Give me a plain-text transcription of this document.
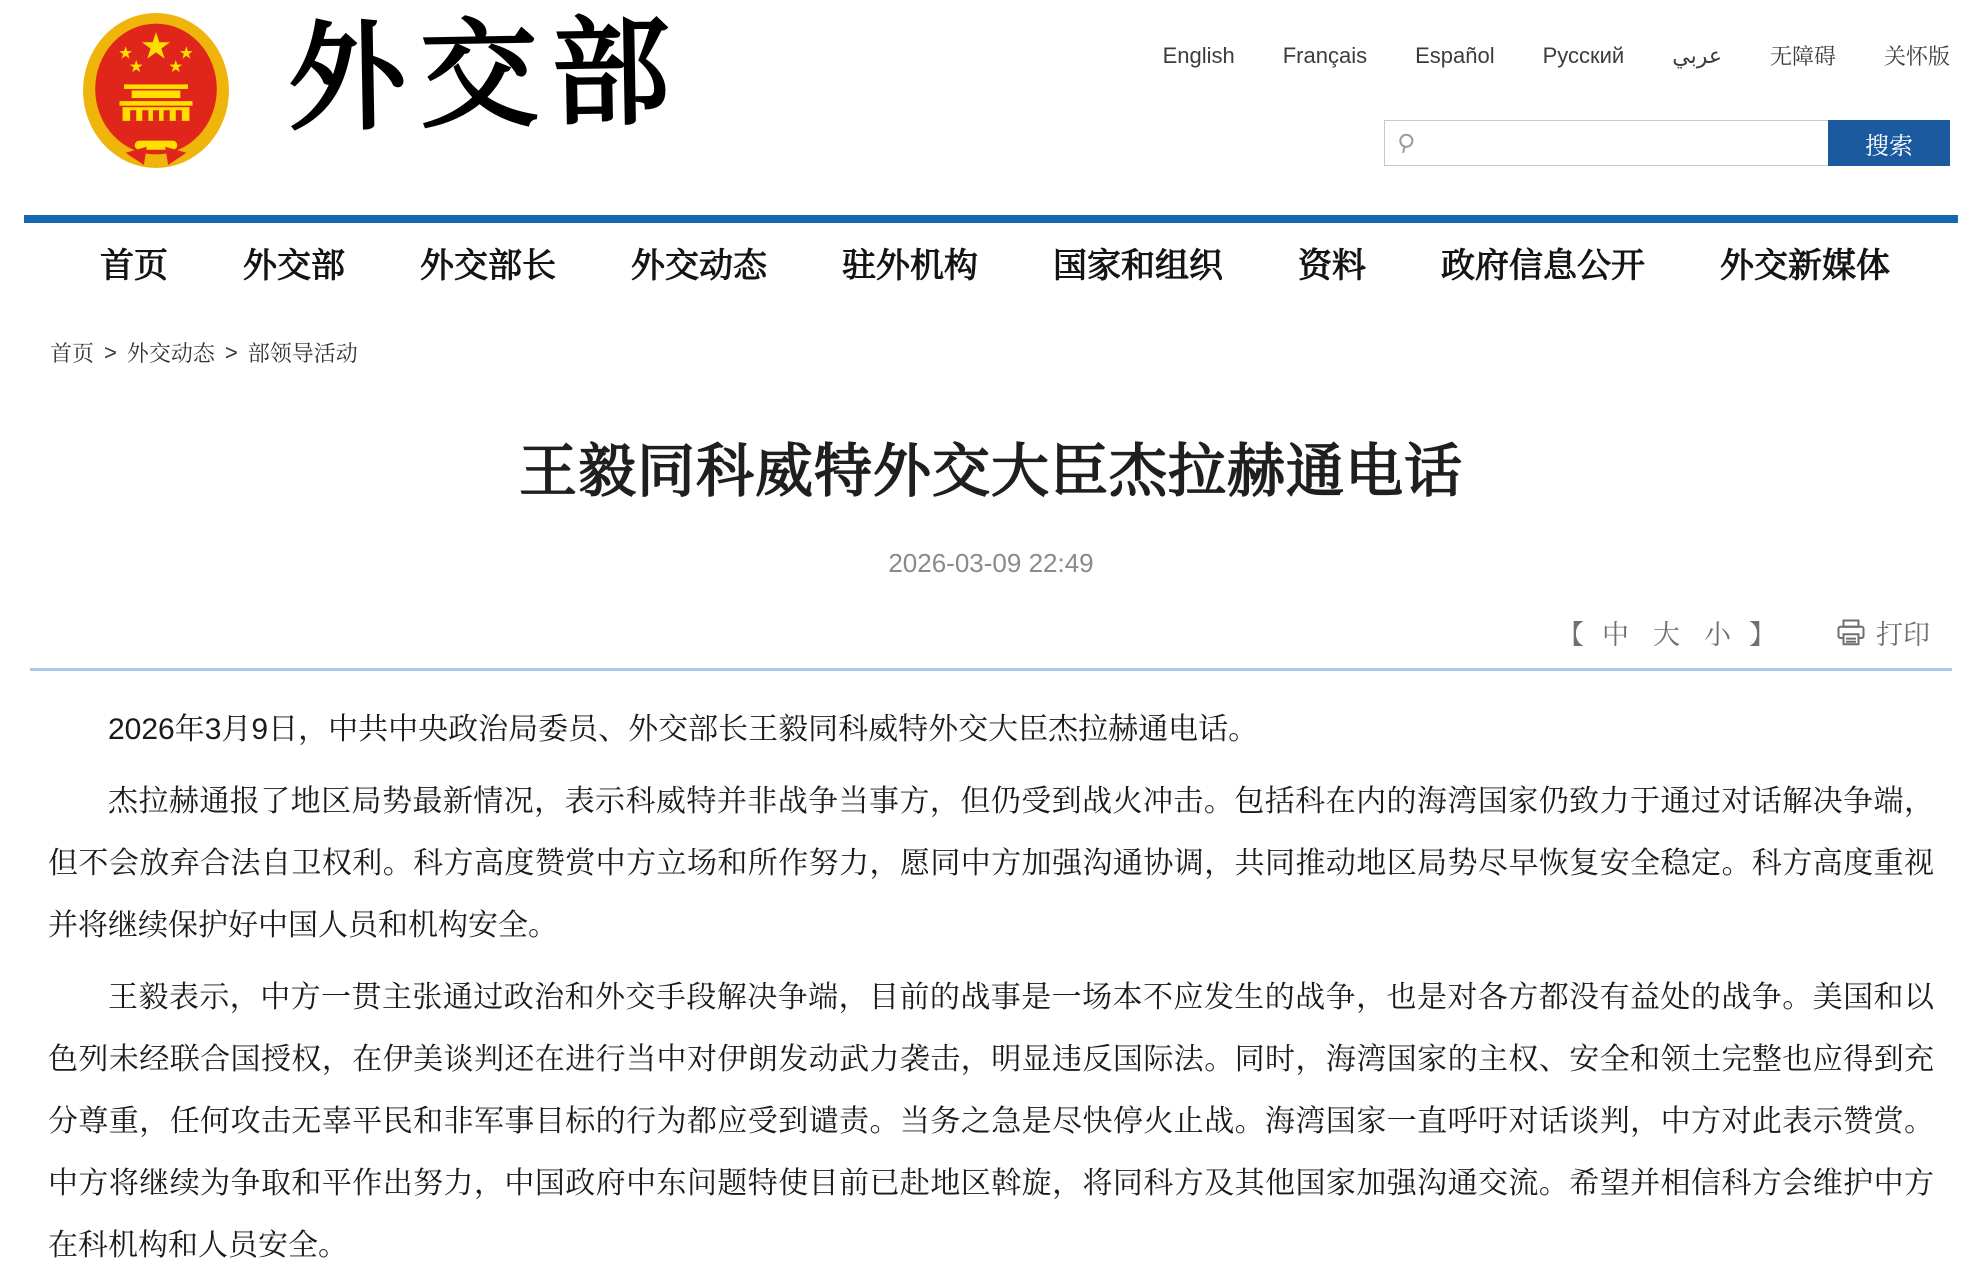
★
★	★
★ ★ 外交部	English Français Español Русский عربي 无障碍 关怀版
搜索
首页 外交部 外交部长 外交动态 驻外机构 国家和组织 资料 政府信息公开 外交新媒体
首页 > 外交动态 > 部领导活动
王毅同科威特外交大臣杰拉赫通电话
2026-03-09 22:49
【 中 大 小 】	打印

2026年3月9日，中共中央政治局委员、外交部长王毅同科威特外交大臣杰拉赫通电话。

杰拉赫通报了地区局势最新情况，表示科威特并非战争当事方，但仍受到战火冲击。包括科在内的海湾国家仍致力于通过对话解决争端，但不会放弃合法自卫权利。科方高度赞赏中方立场和所作努力，愿同中方加强沟通协调，共同推动地区局势尽早恢复安全稳定。科方高度重视并将继续保护好中国人员和机构安全。

王毅表示，中方一贯主张通过政治和外交手段解决争端，目前的战事是一场本不应发生的战争，也是对各方都没有益处的战争。美国和以色列未经联合国授权，在伊美谈判还在进行当中对伊朗发动武力袭击，明显违反国际法。同时，海湾国家的主权、安全和领土完整也应得到充分尊重，任何攻击无辜平民和非军事目标的行为都应受到谴责。当务之急是尽快停火止战。海湾国家一直呼吁对话谈判，中方对此表示赞赏。中方将继续为争取和平作出努力，中国政府中东问题特使目前已赴地区斡旋，将同科方及其他国家加强沟通交流。希望并相信科方会维护中方在科机构和人员安全。
